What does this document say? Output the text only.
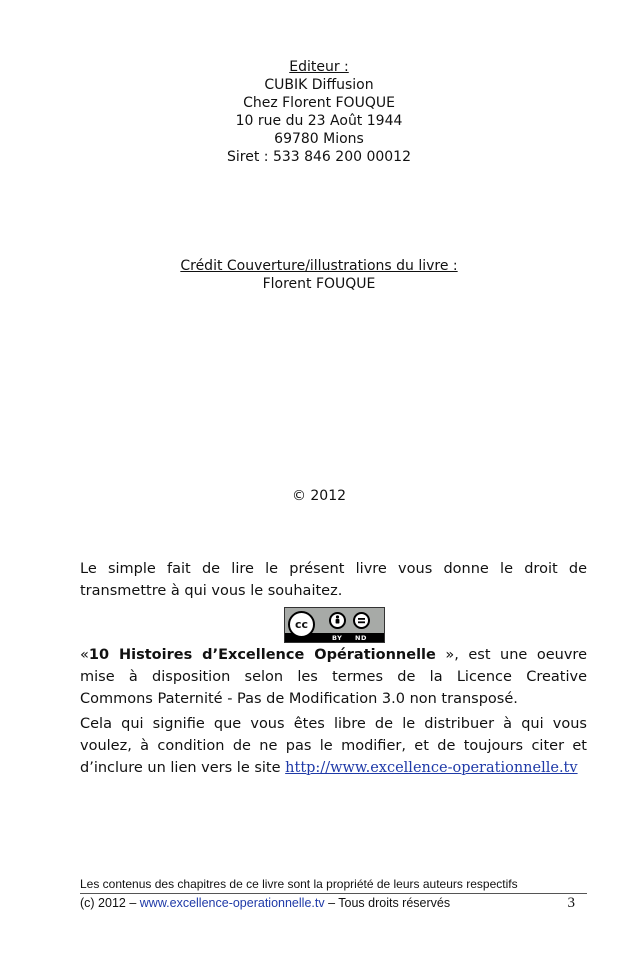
Editeur :
CUBIK Diffusion
Chez Florent FOUQUE
10 rue du 23 Août 1944
69780 Mions
Siret : 533 846 200 00012
Crédit Couverture/illustrations du livre :
Florent FOUQUE
© 2012
Le simple fait de lire le présent livre vous donne le droit de
transmettre à qui vous le souhaitez.
cc
BY ND
«10 Histoires d’Excellence Opérationnelle », est une oeuvre
mise à disposition selon les termes de la Licence Creative
Commons Paternité - Pas de Modification 3.0 non transposé.
Cela qui signifie que vous êtes libre de le distribuer à qui vous
voulez, à condition de ne pas le modifier, et de toujours citer et
d’inclure un lien vers le site http://www.excellence-operationnelle.tv
Les contenus des chapitres de ce livre sont la propriété de leurs auteurs respectifs
(c) 2012 – www.excellence-operationnelle.tv – Tous droits réservés	3
